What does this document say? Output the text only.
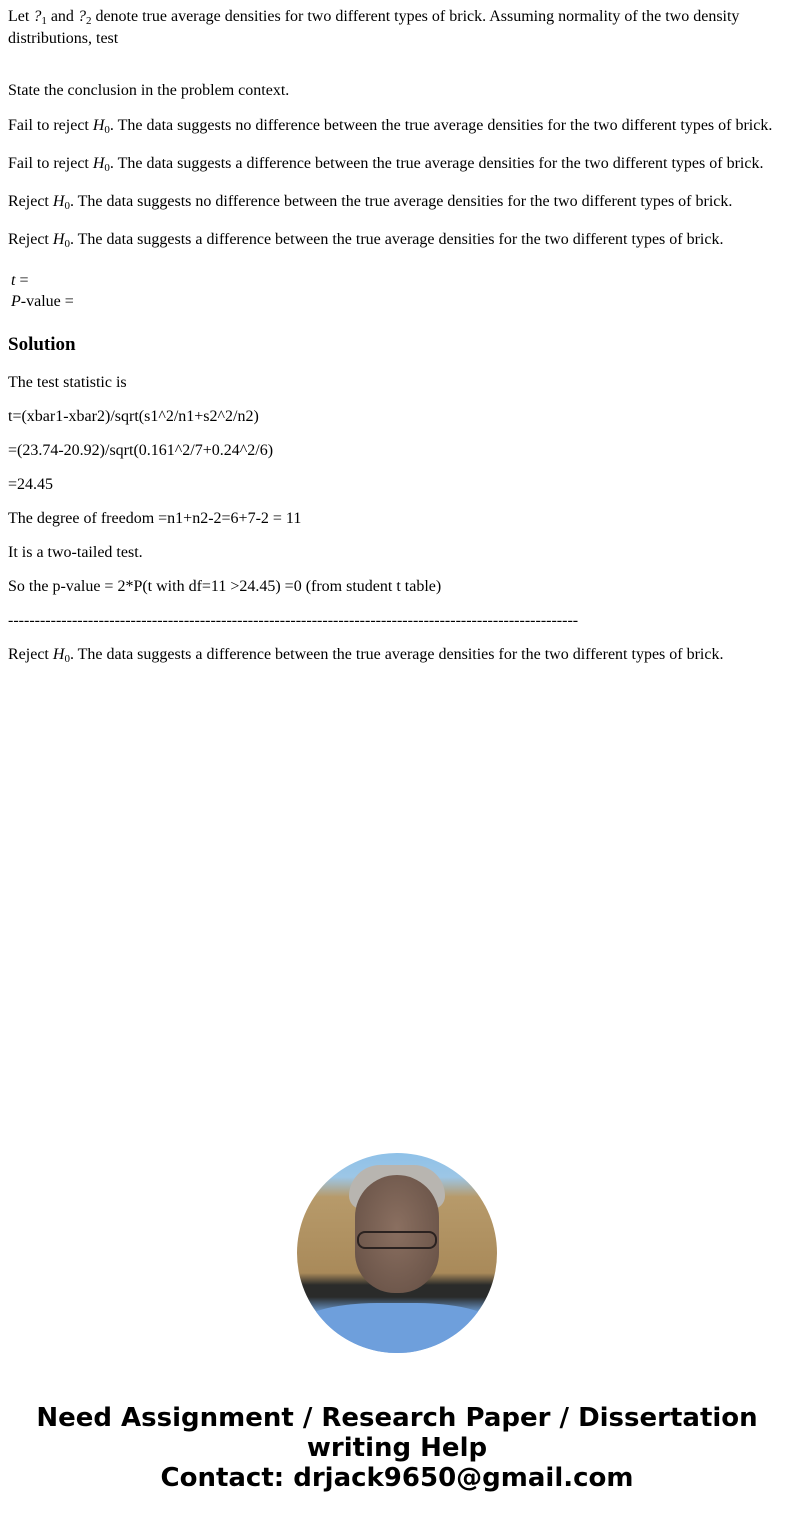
Let $?_1$ and $?_2$ denote true average densities for two different types of brick. Assuming normality of the two density distributions, test

State the conclusion in the problem context.

Fail to reject $H_0$. The data suggests no difference between the true average densities for the two different types of brick.

Fail to reject $H_0$. The data suggests a difference between the true average densities for the two different types of brick.

Reject $H_0$. The data suggests no difference between the true average densities for the two different types of brick.

Reject $H_0$. The data suggests a difference between the true average densities for the two different types of brick.

t =

P-value =

Solution

The test statistic is

t=(xbar1-xbar2)/sqrt(s1^2/n1+s2^2/n2)

=(23.74-20.92)/sqrt(0.161^2/7+0.24^2/6)

=24.45

The degree of freedom =n1+n2-2=6+7-2 = 11

It is a two-tailed test.

So the p-value = 2*P(t with df=11 >24.45) =0 (from student t table)

-----------------------------------------------------------------------------------------------------------

Reject $H_0$. The data suggests a difference between the true average densities for the two different types of brick.

Need Assignment / Research Paper / Dissertation
writing Help
Contact: drjack9650@gmail.com
